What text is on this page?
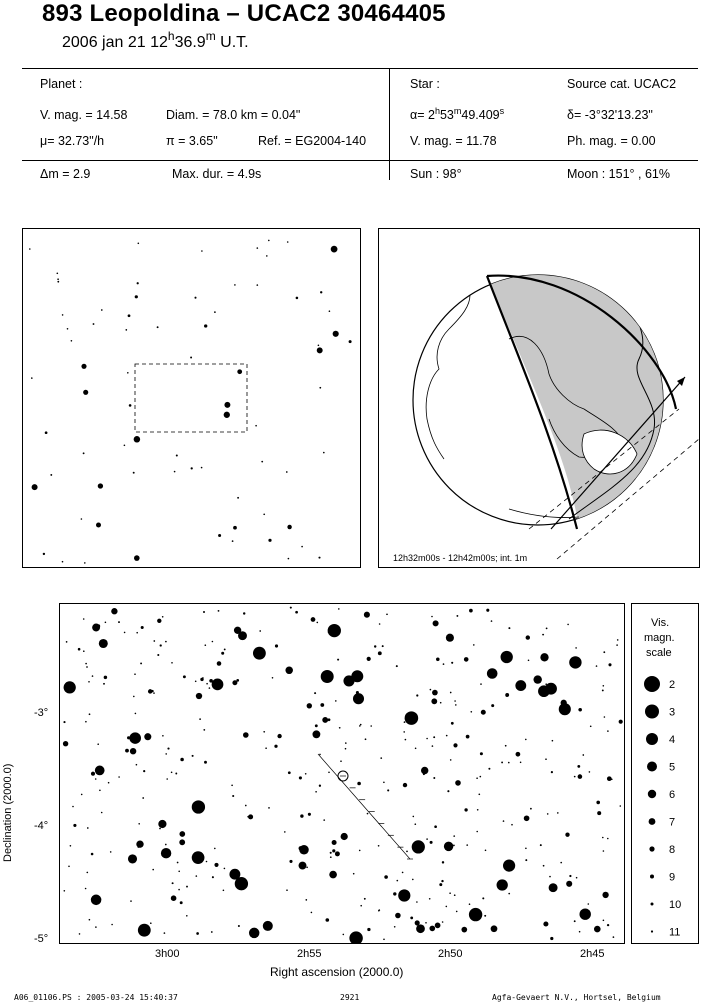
893 Leopoldina – UCAC2 30464405
2006 jan 21 12$^h$36.9$^m$ U.T.
Planet :
V. mag. = 14.58	Diam. = 78.0 km = 0.04"
μ= 32.73"/h	π = 3.65"	Ref. = EG2004-140
Star :	Source cat. UCAC2
$\alpha= 2^h53^m49.409^s$	δ= -3°32'13.23"
V. mag. = 11.78	Ph. mag. = 0.00
Δm = 2.9	Max. dur. = 4.9s	Sun : 98°	Moon : 151° , 61%
12h32m00s - 12h42m00s; int. 1m
-3°
-4°
-5°
3h00	2h55	2h50	2h45
Declination (2000.0)
Right ascension (2000.0)
Vis.
magn.
scale
2
3
4
5
6
7
8
9
10
11
A06_01106.PS : 2005-03-24 15:40:37	2921	Agfa-Gevaert N.V., Hortsel, Belgium
